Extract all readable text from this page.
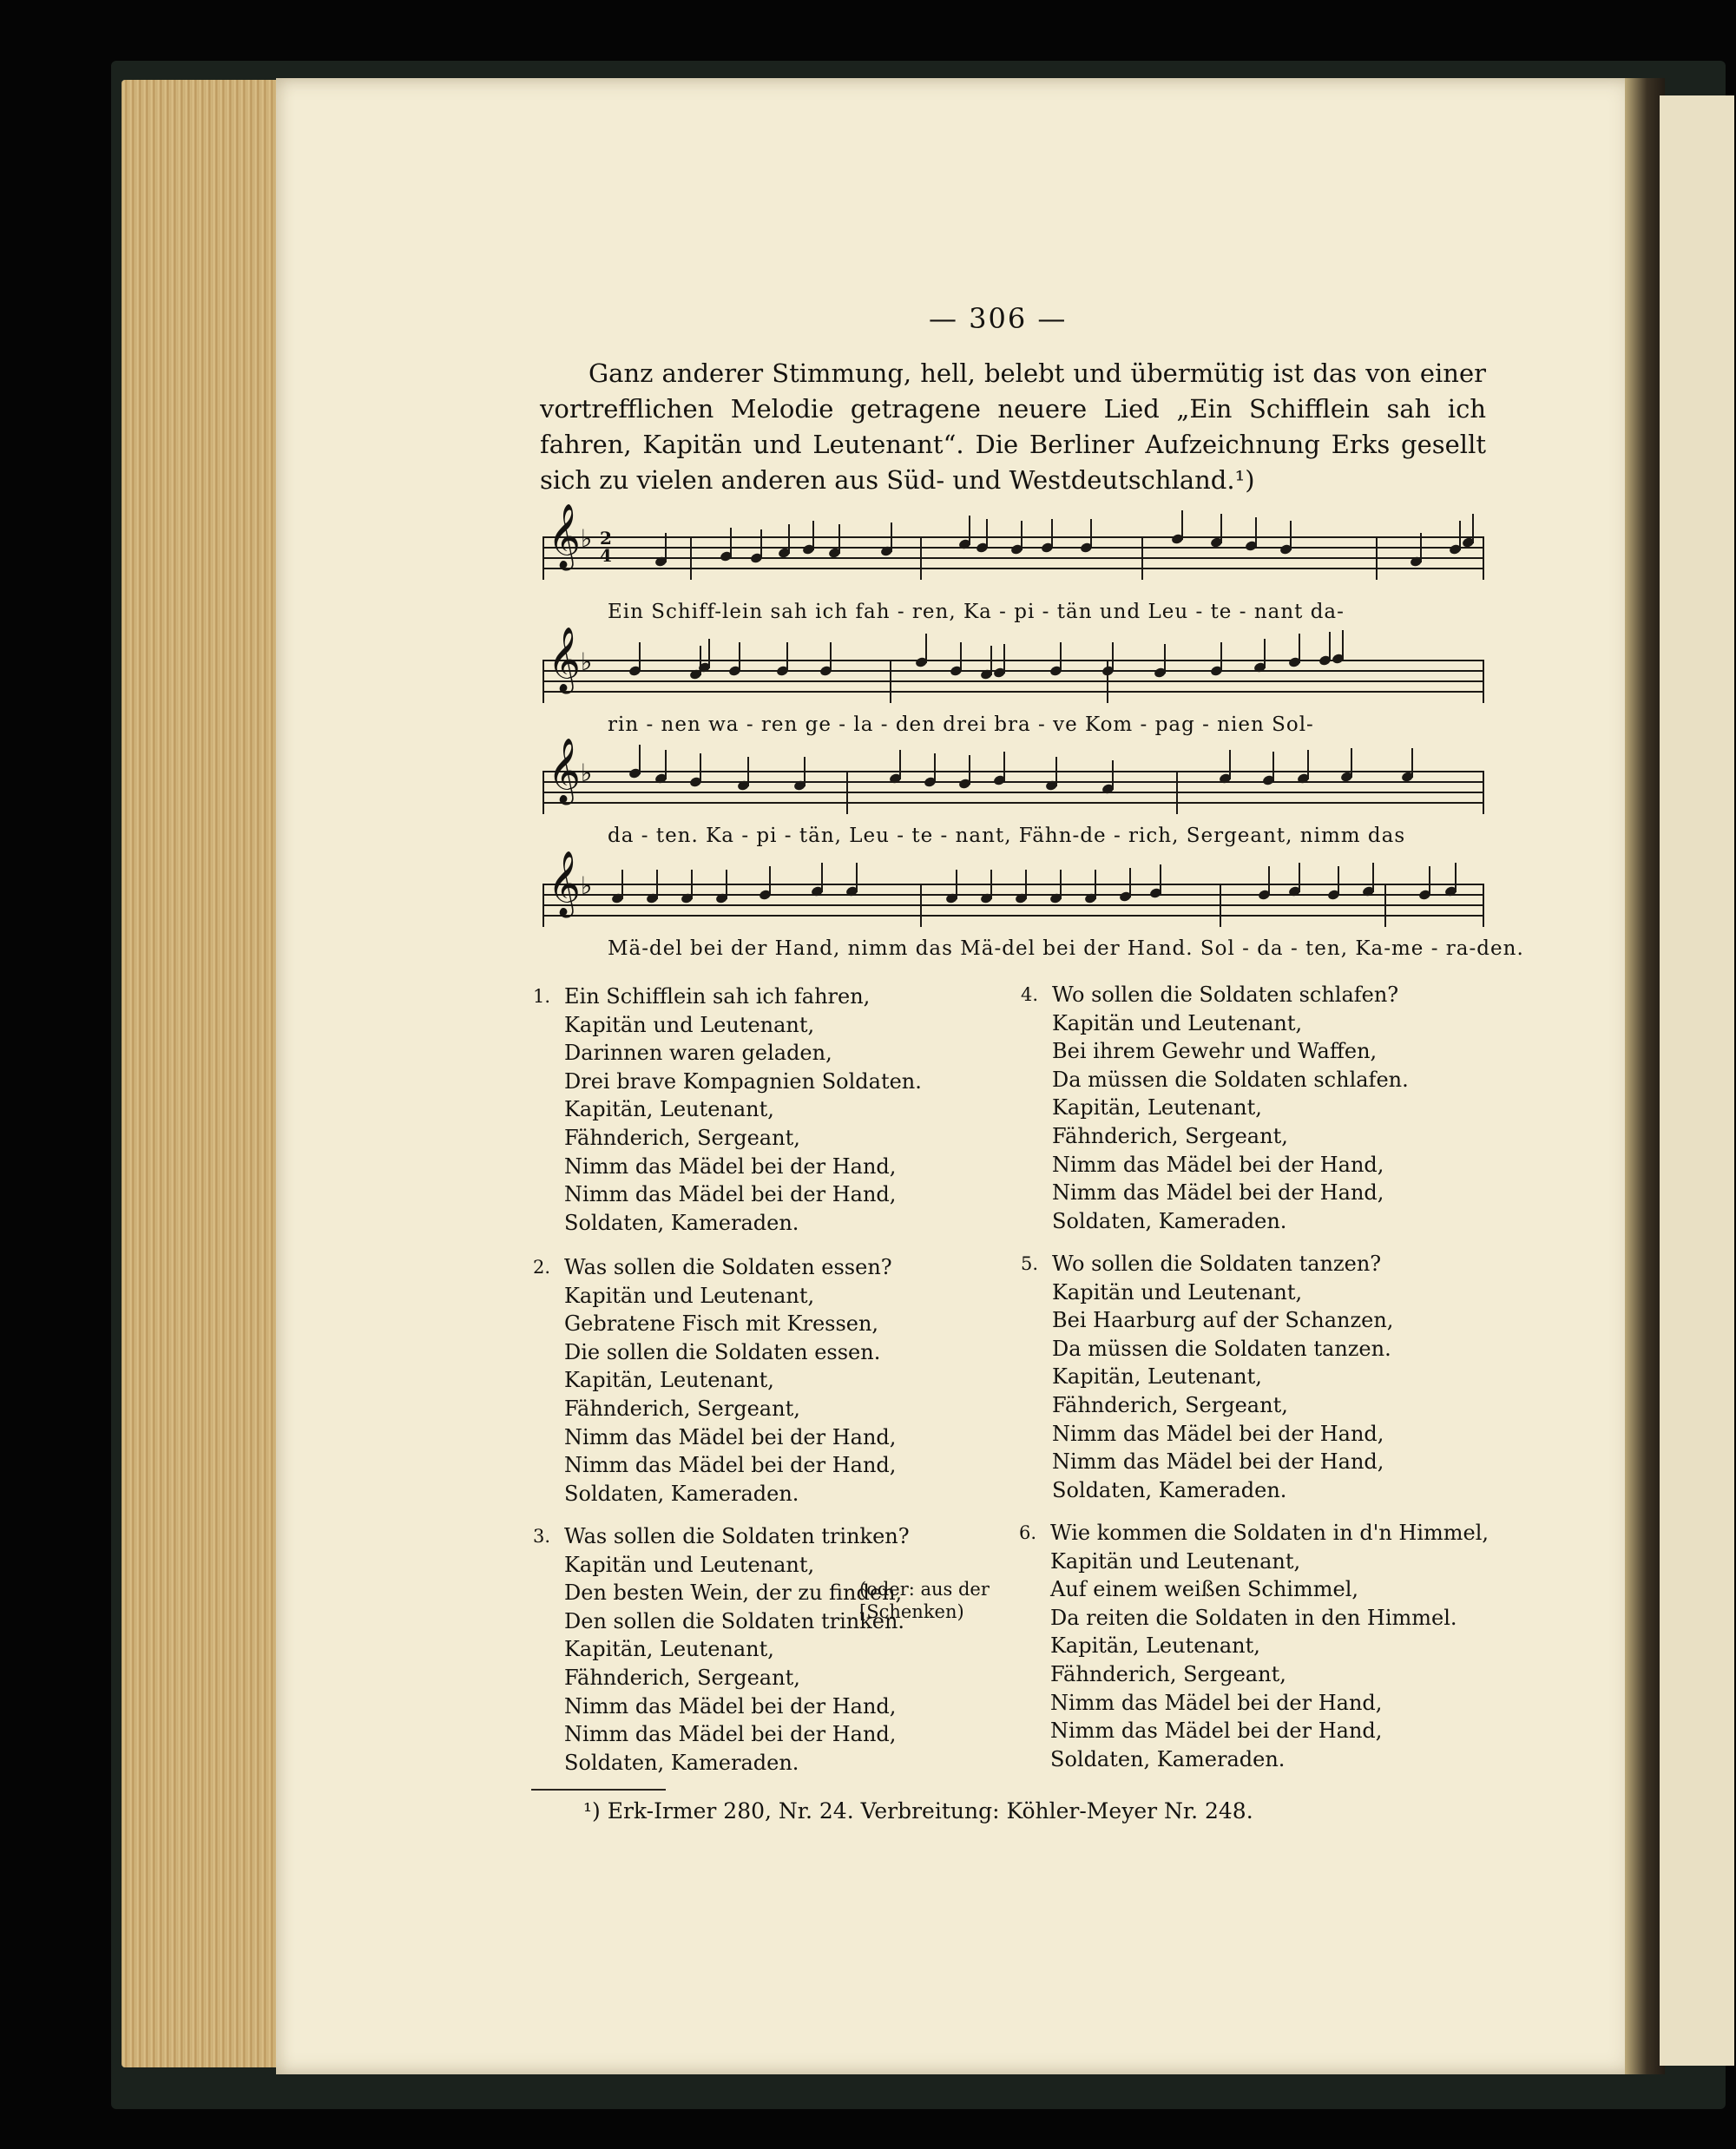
— 306 —

Ganz anderer Stimmung, hell, belebt und übermütig ist das von einer vortrefflichen Melodie getragene neuere Lied „Ein Schifflein sah ich fahren, Kapitän und Leutenant“. Die Berliner Aufzeichnung Erks gesellt sich zu vielen anderen aus Süd- und Westdeutschland.¹)

𝄞 ♭ 2
4
Ein Schiff-lein sah ich fah - ren, Ka - pi - tän und Leu - te - nant da-
𝄞 ♭
rin - nen wa - ren ge - la - den drei bra - ve Kom - pag - nien Sol-
𝄞 ♭
da - ten. Ka - pi - tän, Leu - te - nant, Fähn-de - rich, Sergeant, nimm das
𝄞 ♭
Mä-del bei der Hand, nimm das Mä-del bei der Hand. Sol - da - ten, Ka-me - ra-den.
1. Ein Schifflein sah ich fahren,
Kapitän und Leutenant,
Darinnen waren geladen,
Drei brave Kompagnien Soldaten.
Kapitän, Leutenant,
Fähnderich, Sergeant,
Nimm das Mädel bei der Hand,
Nimm das Mädel bei der Hand,
Soldaten, Kameraden.
2. Was sollen die Soldaten essen?
Kapitän und Leutenant,
Gebratene Fisch mit Kressen,
Die sollen die Soldaten essen.
Kapitän, Leutenant,
Fähnderich, Sergeant,
Nimm das Mädel bei der Hand,
Nimm das Mädel bei der Hand,
Soldaten, Kameraden.
3. Was sollen die Soldaten trinken?
Kapitän und Leutenant,
Den besten Wein, der zu finden,
Den sollen die Soldaten trinken.
Kapitän, Leutenant,
Fähnderich, Sergeant,
Nimm das Mädel bei der Hand,
Nimm das Mädel bei der Hand,
Soldaten, Kameraden.
(oder: aus der
[Schenken)
4. Wo sollen die Soldaten schlafen?
Kapitän und Leutenant,
Bei ihrem Gewehr und Waffen,
Da müssen die Soldaten schlafen.
Kapitän, Leutenant,
Fähnderich, Sergeant,
Nimm das Mädel bei der Hand,
Nimm das Mädel bei der Hand,
Soldaten, Kameraden.
5. Wo sollen die Soldaten tanzen?
Kapitän und Leutenant,
Bei Haarburg auf der Schanzen,
Da müssen die Soldaten tanzen.
Kapitän, Leutenant,
Fähnderich, Sergeant,
Nimm das Mädel bei der Hand,
Nimm das Mädel bei der Hand,
Soldaten, Kameraden.
6. Wie kommen die Soldaten in d'n Himmel,
Kapitän und Leutenant,
Auf einem weißen Schimmel,
Da reiten die Soldaten in den Himmel.
Kapitän, Leutenant,
Fähnderich, Sergeant,
Nimm das Mädel bei der Hand,
Nimm das Mädel bei der Hand,
Soldaten, Kameraden.
¹) Erk-Irmer 280, Nr. 24. Verbreitung: Köhler-Meyer Nr. 248.
